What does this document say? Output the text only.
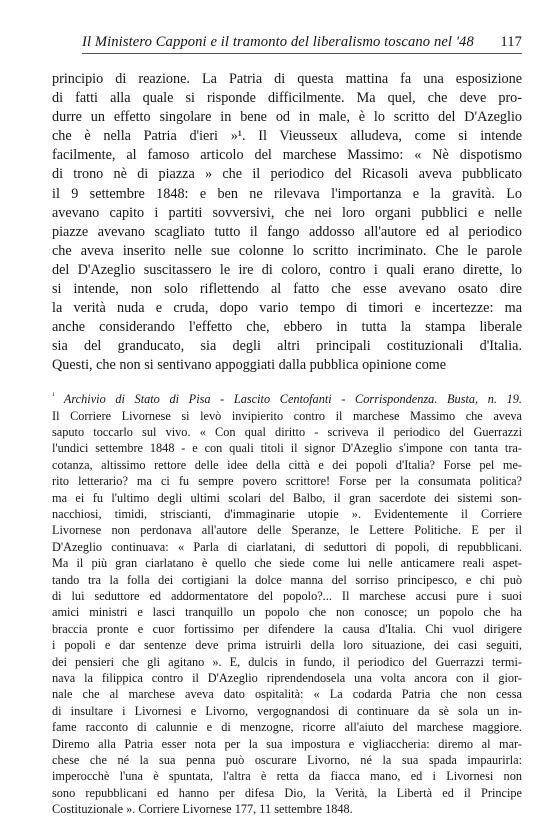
Il Ministero Capponi e il tramonto del liberalismo toscano nel '48 117
principio di reazione. La Patria di questa mattina fa una esposizione
di fatti alla quale si risponde difficilmente. Ma quel, che deve pro-
durre un effetto singolare in bene od in male, è lo scritto del D'Azeglio
che è nella Patria d'ieri »¹. Il Vieusseux alludeva, come si intende
facilmente, al famoso articolo del marchese Massimo: « Nè dispotismo
di trono nè di piazza » che il periodico del Ricasoli aveva pubblicato
il 9 settembre 1848: e ben ne rilevava l'importanza e la gravità. Lo
avevano capito i partiti sovversivi, che nei loro organi pubblici e nelle
piazze avevano scagliato tutto il fango addosso all'autore ed al periodico
che aveva inserito nelle sue colonne lo scritto incriminato. Che le parole
del D'Azeglio suscitassero le ire di coloro, contro i quali erano dirette, lo
si intende, non solo riflettendo al fatto che esse avevano osato dire
la verità nuda e cruda, dopo vario tempo di timori e incertezze: ma
anche considerando l'effetto che, ebbero in tutta la stampa liberale
sia del granducato, sia degli altri principali costituzionali d'Italia.
Questi, che non si sentivano appoggiati dalla pubblica opinione come
$^{^1}$ Archivio di Stato di Pisa - Lascito Centofanti - Corrispondenza. Busta, n. 19.
Il Corriere Livornese si levò invipierito contro il marchese Massimo che aveva
saputo toccarlo sul vivo. « Con qual diritto - scriveva il periodico del Guerrazzi
l'undici settembre 1848 - e con quali titoli il signor D'Azeglio s'impone con tanta tra-
cotanza, altissimo rettore delle idee della città e dei popoli d'Italia? Forse pel me-
rito letterario? ma ci fu sempre povero scrittore! Forse per la consumata politica?
ma ei fu l'ultimo degli ultimi scolari del Balbo, il gran sacerdote dei sistemi son-
nacchiosi, timidi, striscianti, d'immaginarie utopie ». Evidentemente il Corriere
Livornese non perdonava all'autore delle Speranze, le Lettere Politiche. E per il
D'Azeglio continuava: « Parla di ciarlatani, di seduttori di popoli, di repubblicani.
Ma il più gran ciarlatano è quello che siede come lui nelle anticamere reali aspet-
tando tra la folla dei cortigiani la dolce manna del sorriso principesco, e chi può
di lui seduttore ed addormentatore del popolo?... Il marchese accusi pure i suoi
amici ministri e lasci tranquillo un popolo che non conosce; un popolo che ha
braccia pronte e cuor fortissimo per difendere la causa d'Italia. Chi vuol dirigere
i popoli e dar sentenze deve prima istruirli della loro situazione, dei casi seguiti,
dei pensieri che gli agitano ». E, dulcis in fundo, il periodico del Guerrazzi termi-
nava la filippica contro il D'Azeglio riprendendosela una volta ancora con il gior-
nale che al marchese aveva dato ospitalità: « La codarda Patria che non cessa
di insultare i Livornesi e Livorno, vergognandosi di continuare da sè sola un in-
fame racconto di calunnie e di menzogne, ricorre all'aiuto del marchese maggiore.
Diremo alla Patria esser nota per la sua impostura e vigliaccheria: diremo al mar-
chese che né la sua penna può oscurare Livorno, né la sua spada impaurirla:
imperocchè l'una è spuntata, l'altra è retta da fiacca mano, ed i Livornesi non
sono repubblicani ed hanno per difesa Dio, la Verità, la Libertà ed il Principe
Costituzionale ». Corriere Livornese 177, 11 settembre 1848.
